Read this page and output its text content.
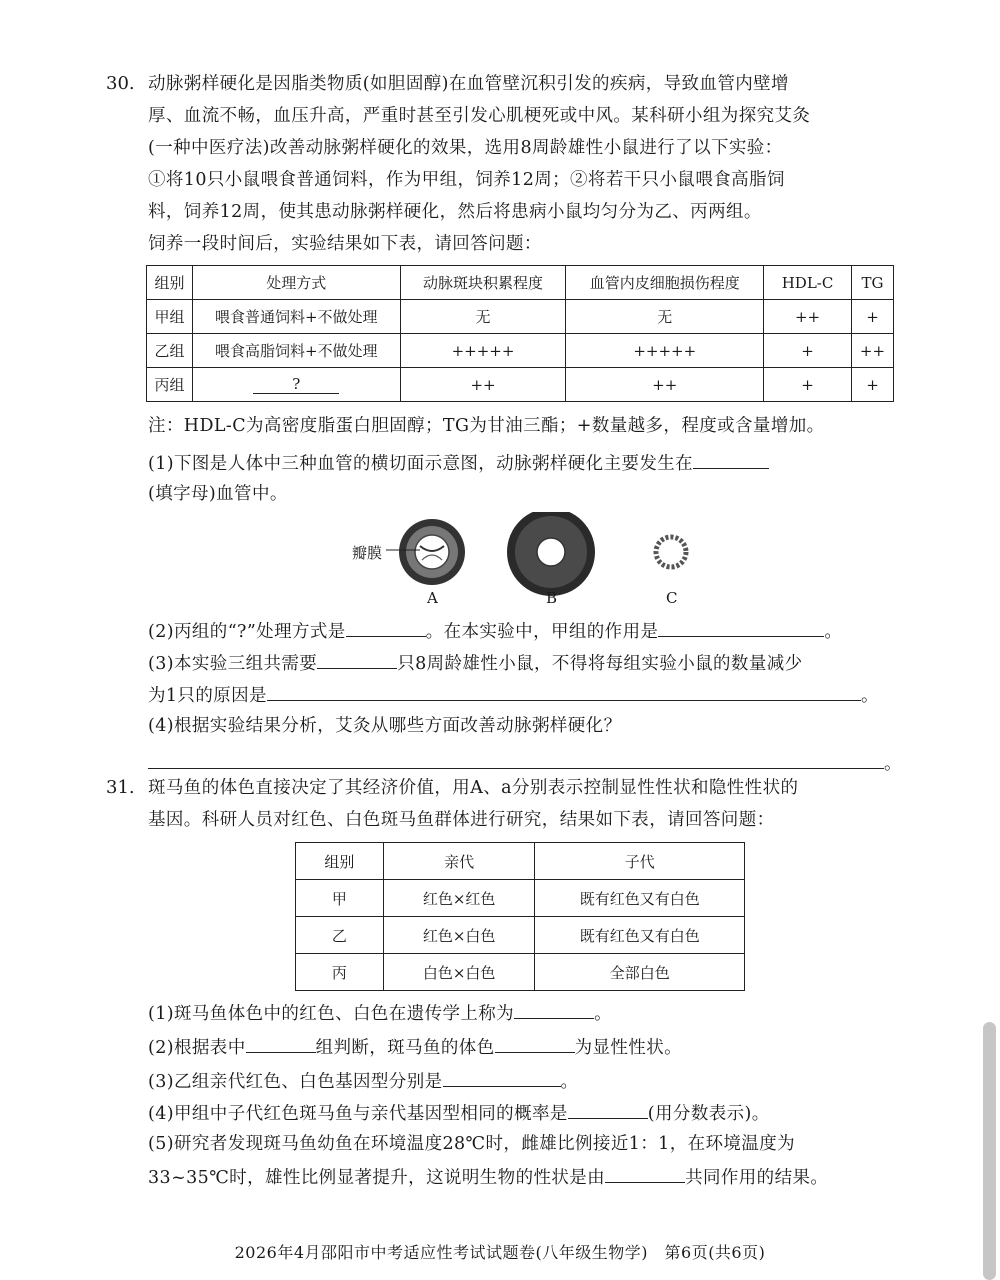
30. 动脉粥样硬化是因脂类物质(如胆固醇)在血管壁沉积引发的疾病，导致血管内壁增
厚、血流不畅，血压升高，严重时甚至引发心肌梗死或中风。某科研小组为探究艾灸
(一种中医疗法)改善动脉粥样硬化的效果，选用8周龄雄性小鼠进行了以下实验：
①将10只小鼠喂食普通饲料，作为甲组，饲养12周；②将若干只小鼠喂食高脂饲
料，饲养12周，使其患动脉粥样硬化，然后将患病小鼠均匀分为乙、丙两组。
饲养一段时间后，实验结果如下表，请回答问题：
组别	处理方式	动脉斑块积累程度	血管内皮细胞损伤程度	HDL-C	TG
甲组	喂食普通饲料+不做处理	无	无	++	+
乙组	喂食高脂饲料+不做处理	+++++	+++++	+	++
丙组	?	++	++	+	+
注：HDL-C为高密度脂蛋白胆固醇；TG为甘油三酯；+数量越多，程度或含量增加。
(1)下图是人体中三种血管的横切面示意图，动脉粥样硬化主要发生在
(填字母)血管中。
瓣膜
A	B	C
(2)丙组的“?”处理方式是	。在本实验中，甲组的作用是	。
(3)本实验三组共需要	只8周龄雄性小鼠，不得将每组实验小鼠的数量减少
为1只的原因是	。
(4)根据实验结果分析，艾灸从哪些方面改善动脉粥样硬化？
。
31. 斑马鱼的体色直接决定了其经济价值，用A、a分别表示控制显性性状和隐性性状的
基因。科研人员对红色、白色斑马鱼群体进行研究，结果如下表，请回答问题：
组别	亲代	子代
甲	红色×红色	既有红色又有白色
乙	红色×白色	既有红色又有白色
丙	白色×白色	全部白色
(1)斑马鱼体色中的红色、白色在遗传学上称为	。
(2)根据表中	组判断，斑马鱼的体色	为显性性状。
(3)乙组亲代红色、白色基因型分别是	。
(4)甲组中子代红色斑马鱼与亲代基因型相同的概率是	(用分数表示)。
(5)研究者发现斑马鱼幼鱼在环境温度28℃时，雌雄比例接近1：1，在环境温度为
33~35℃时，雄性比例显著提升，这说明生物的性状是由	共同作用的结果。
2026年4月邵阳市中考适应性考试试题卷(八年级生物学)　第6页(共6页)
